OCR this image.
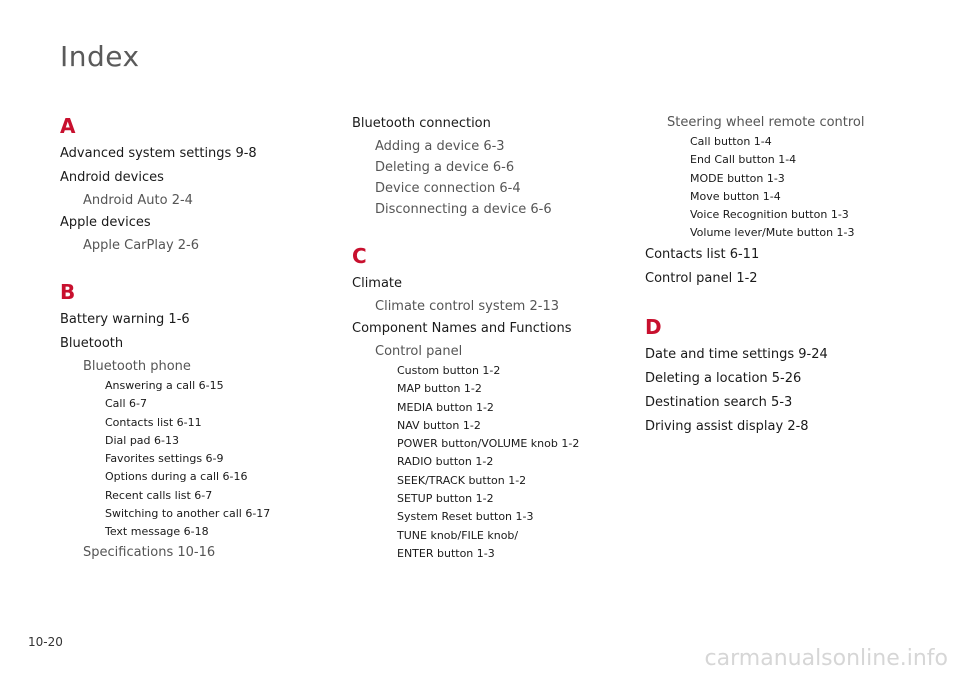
Index
A
Advanced system settings 9-8
Android devices
Android Auto 2-4
Apple devices
Apple CarPlay 2-6
B
Battery warning 1-6
Bluetooth
Bluetooth phone
Answering a call 6-15
Call 6-7
Contacts list 6-11
Dial pad 6-13
Favorites settings 6-9
Options during a call 6-16
Recent calls list 6-7
Switching to another call 6-17
Text message 6-18
Specifications 10-16
Bluetooth connection
Adding a device 6-3
Deleting a device 6-6
Device connection 6-4
Disconnecting a device 6-6
C
Climate
Climate control system 2-13
Component Names and Functions
Control panel
Custom button 1-2
MAP button 1-2
MEDIA button 1-2
NAV button 1-2
POWER button/VOLUME knob 1-2
RADIO button 1-2
SEEK/TRACK button 1-2
SETUP button 1-2
System Reset button 1-3
TUNE knob/FILE knob/
ENTER button 1-3
Steering wheel remote control
Call button 1-4
End Call button 1-4
MODE button 1-3
Move button 1-4
Voice Recognition button 1-3
Volume lever/Mute button 1-3
Contacts list 6-11
Control panel 1-2
D
Date and time settings 9-24
Deleting a location 5-26
Destination search 5-3
Driving assist display 2-8
10-20
carmanualsonline.info
